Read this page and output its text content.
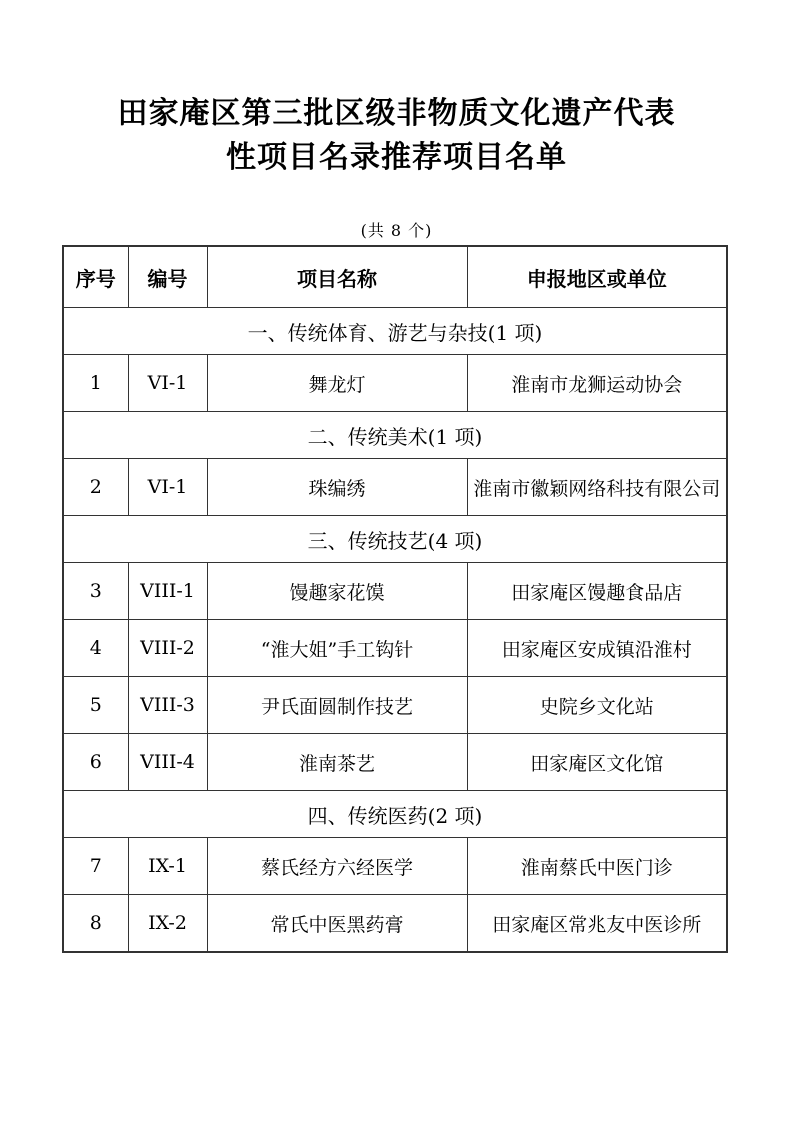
田家庵区第三批区级非物质文化遗产代表
性项目名录推荐项目名单
(共 8 个)
序号	编号	项目名称	申报地区或单位
一、传统体育、游艺与杂技(1 项)			
1	VI-1	舞龙灯	淮南市龙狮运动协会
二、传统美术(1 项)			
2	VI-1	珠编绣	淮南市徽颖网络科技有限公司
三、传统技艺(4 项)			
3	VIII-1	馒趣家花馍	田家庵区馒趣食品店
4	VIII-2	“淮大姐”手工钩针	田家庵区安成镇沿淮村
5	VIII-3	尹氏面圆制作技艺	史院乡文化站
6	VIII-4	淮南茶艺	田家庵区文化馆
四、传统医药(2 项)			
7	IX-1	蔡氏经方六经医学	淮南蔡氏中医门诊
8	IX-2	常氏中医黑药膏	田家庵区常兆友中医诊所
